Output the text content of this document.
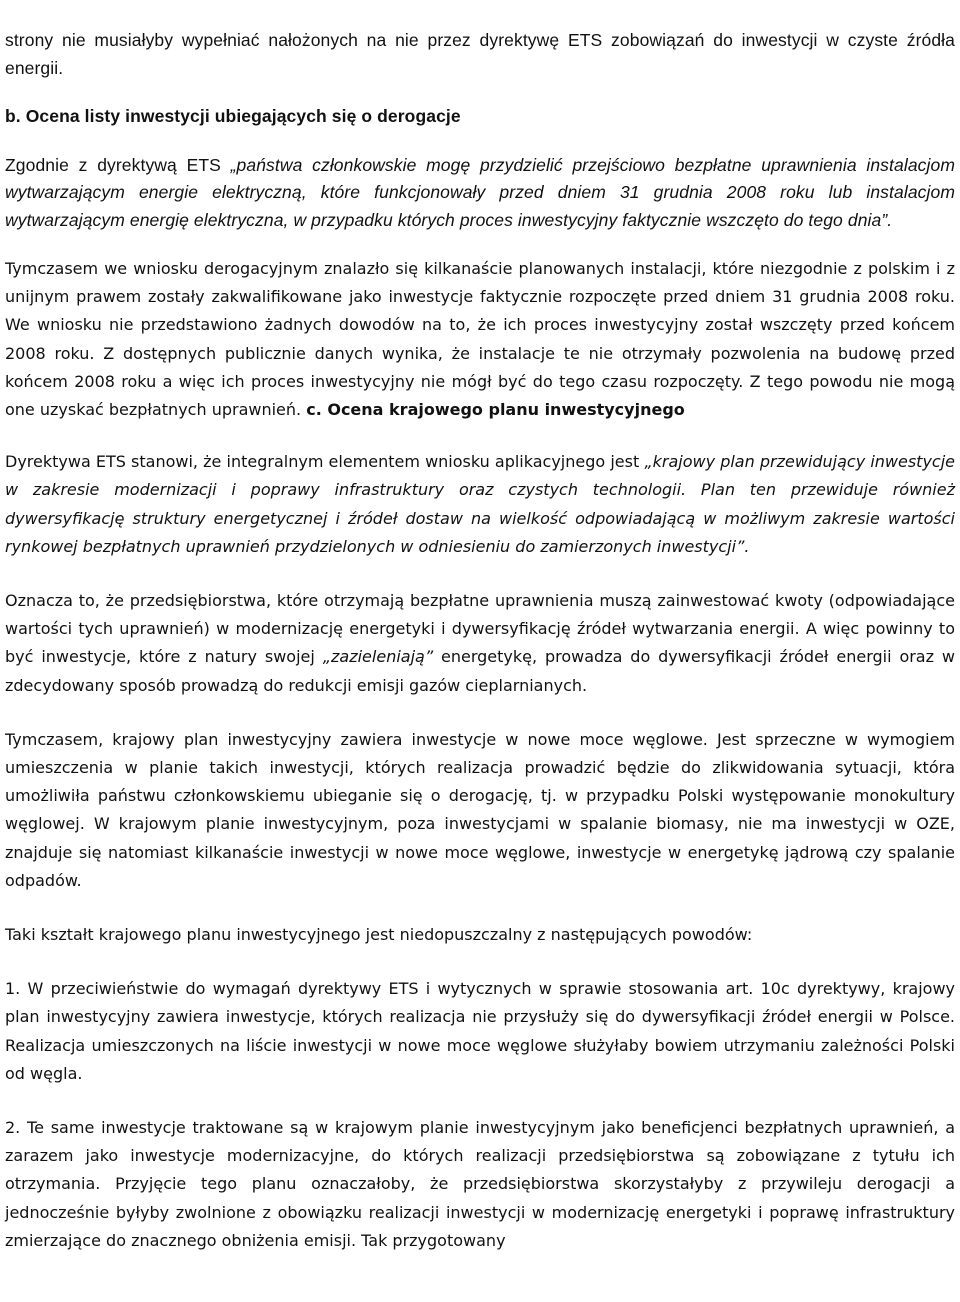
strony nie musiałyby wypełniać nałożonych na nie przez dyrektywę ETS zobowiązań do inwestycji w czyste źródła energii.

b. Ocena listy inwestycji ubiegających się o derogacje

Zgodnie z dyrektywą ETS „państwa członkowskie mogę przydzielić przejściowo bezpłatne uprawnienia instalacjom wytwarzającym energie elektryczną, które funkcjonowały przed dniem 31 grudnia 2008 roku lub instalacjom wytwarzającym energię elektryczna, w przypadku których proces inwestycyjny faktycznie wszczęto do tego dnia”.

Tymczasem we wniosku derogacyjnym znalazło się kilkanaście planowanych instalacji, które niezgodnie z polskim i z unijnym prawem zostały zakwalifikowane jako inwestycje faktycznie rozpoczęte przed dniem 31 grudnia 2008 roku. We wniosku nie przedstawiono żadnych dowodów na to, że ich proces inwestycyjny został wszczęty przed końcem 2008 roku. Z dostępnych publicznie danych wynika, że instalacje te nie otrzymały pozwolenia na budowę przed końcem 2008 roku a więc ich proces inwestycyjny nie mógł być do tego czasu rozpoczęty. Z tego powodu nie mogą one uzyskać bezpłatnych uprawnień. c. Ocena krajowego planu inwestycyjnego

Dyrektywa ETS stanowi, że integralnym elementem wniosku aplikacyjnego jest „krajowy plan przewidujący inwestycje w zakresie modernizacji i poprawy infrastruktury oraz czystych technologii. Plan ten przewiduje również dywersyfikację struktury energetycznej i źródeł dostaw na wielkość odpowiadającą w możliwym zakresie wartości rynkowej bezpłatnych uprawnień przydzielonych w odniesieniu do zamierzonych inwestycji”.

Oznacza to, że przedsiębiorstwa, które otrzymają bezpłatne uprawnienia muszą zainwestować kwoty (odpowiadające wartości tych uprawnień) w modernizację energetyki i dywersyfikację źródeł wytwarzania energii. A więc powinny to być inwestycje, które z natury swojej „zazieleniają” energetykę, prowadza do dywersyfikacji źródeł energii oraz w zdecydowany sposób prowadzą do redukcji emisji gazów cieplarnianych.

Tymczasem, krajowy plan inwestycyjny zawiera inwestycje w nowe moce węglowe. Jest sprzeczne w wymogiem umieszczenia w planie takich inwestycji, których realizacja prowadzić będzie do zlikwidowania sytuacji, która umożliwiła państwu członkowskiemu ubieganie się o derogację, tj. w przypadku Polski występowanie monokultury węglowej. W krajowym planie inwestycyjnym, poza inwestycjami w spalanie biomasy, nie ma inwestycji w OZE, znajduje się natomiast kilkanaście inwestycji w nowe moce węglowe, inwestycje w energetykę jądrową czy spalanie odpadów.

Taki kształt krajowego planu inwestycyjnego jest niedopuszczalny z następujących powodów:

1. W przeciwieństwie do wymagań dyrektywy ETS i wytycznych w sprawie stosowania art. 10c dyrektywy, krajowy plan inwestycyjny zawiera inwestycje, których realizacja nie przysłuży się do dywersyfikacji źródeł energii w Polsce. Realizacja umieszczonych na liście inwestycji w nowe moce węglowe służyłaby bowiem utrzymaniu zależności Polski od węgla.

2. Te same inwestycje traktowane są w krajowym planie inwestycyjnym jako beneficjenci bezpłatnych uprawnień, a zarazem jako inwestycje modernizacyjne, do których realizacji przedsiębiorstwa są zobowiązane z tytułu ich otrzymania. Przyjęcie tego planu oznaczałoby, że przedsiębiorstwa skorzystałyby z przywileju derogacji a jednocześnie byłyby zwolnione z obowiązku realizacji inwestycji w modernizację energetyki i poprawę infrastruktury zmierzające do znacznego obniżenia emisji. Tak przygotowany
